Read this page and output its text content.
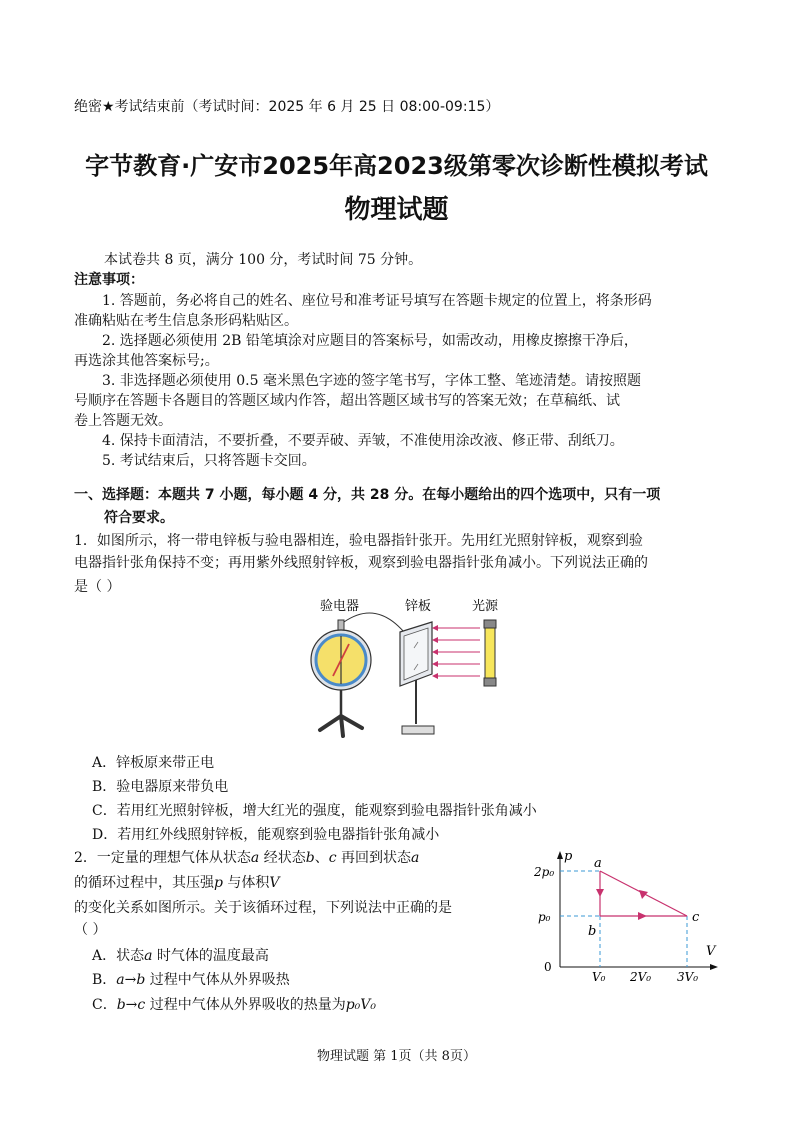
绝密★考试结束前（考试时间：2025 年 6 月 25 日 08:00-09:15）
字节教育·广安市2025年高2023级第零次诊断性模拟考试
物理试题
本试卷共 8 页，满分 100 分，考试时间 75 分钟。
注意事项：
1. 答题前，务必将自己的姓名、座位号和准考证号填写在答题卡规定的位置上，将条形码
准确粘贴在考生信息条形码粘贴区。
2. 选择题必须使用 2B 铅笔填涂对应题目的答案标号，如需改动，用橡皮擦擦干净后，
再选涂其他答案标号;。
3. 非选择题必须使用 0.5 毫米黑色字迹的签字笔书写，字体工整、笔迹清楚。请按照题
号顺序在答题卡各题目的答题区域内作答，超出答题区域书写的答案无效；在草稿纸、试
卷上答题无效。
4. 保持卡面清洁，不要折叠，不要弄破、弄皱，不准使用涂改液、修正带、刮纸刀。
5. 考试结束后，只将答题卡交回。
一、选择题：本题共 7 小题，每小题 4 分，共 28 分。在每小题给出的四个选项中，只有一项
符合要求。
1．如图所示，将一带电锌板与验电器相连，验电器指针张开。先用红光照射锌板，观察到验
电器指针张角保持不变；再用紫外线照射锌板，观察到验电器指针张角减小。下列说法正确的
是（ ）
验电器	锌板	光源
A．锌板原来带正电
B．验电器原来带负电
C．若用红光照射锌板，增大红光的强度，能观察到验电器指针张角减小
D．若用红外线照射锌板，能观察到验电器指针张角减小
2．一定量的理想气体从状态a 经状态b、c 再回到状态a
的循环过程中，其压强p 与体积V
的变化关系如图所示。关于该循环过程，下列说法中正确的是
（ ）
A．状态a 时气体的温度最高
B．a→b 过程中气体从外界吸热
C．b→c 过程中气体从外界吸收的热量为p₀V₀
p
V
0
2p₀
p₀
V₀ 2V₀ 3V₀
a
b
c
物理试题 第 1页（共 8页）
